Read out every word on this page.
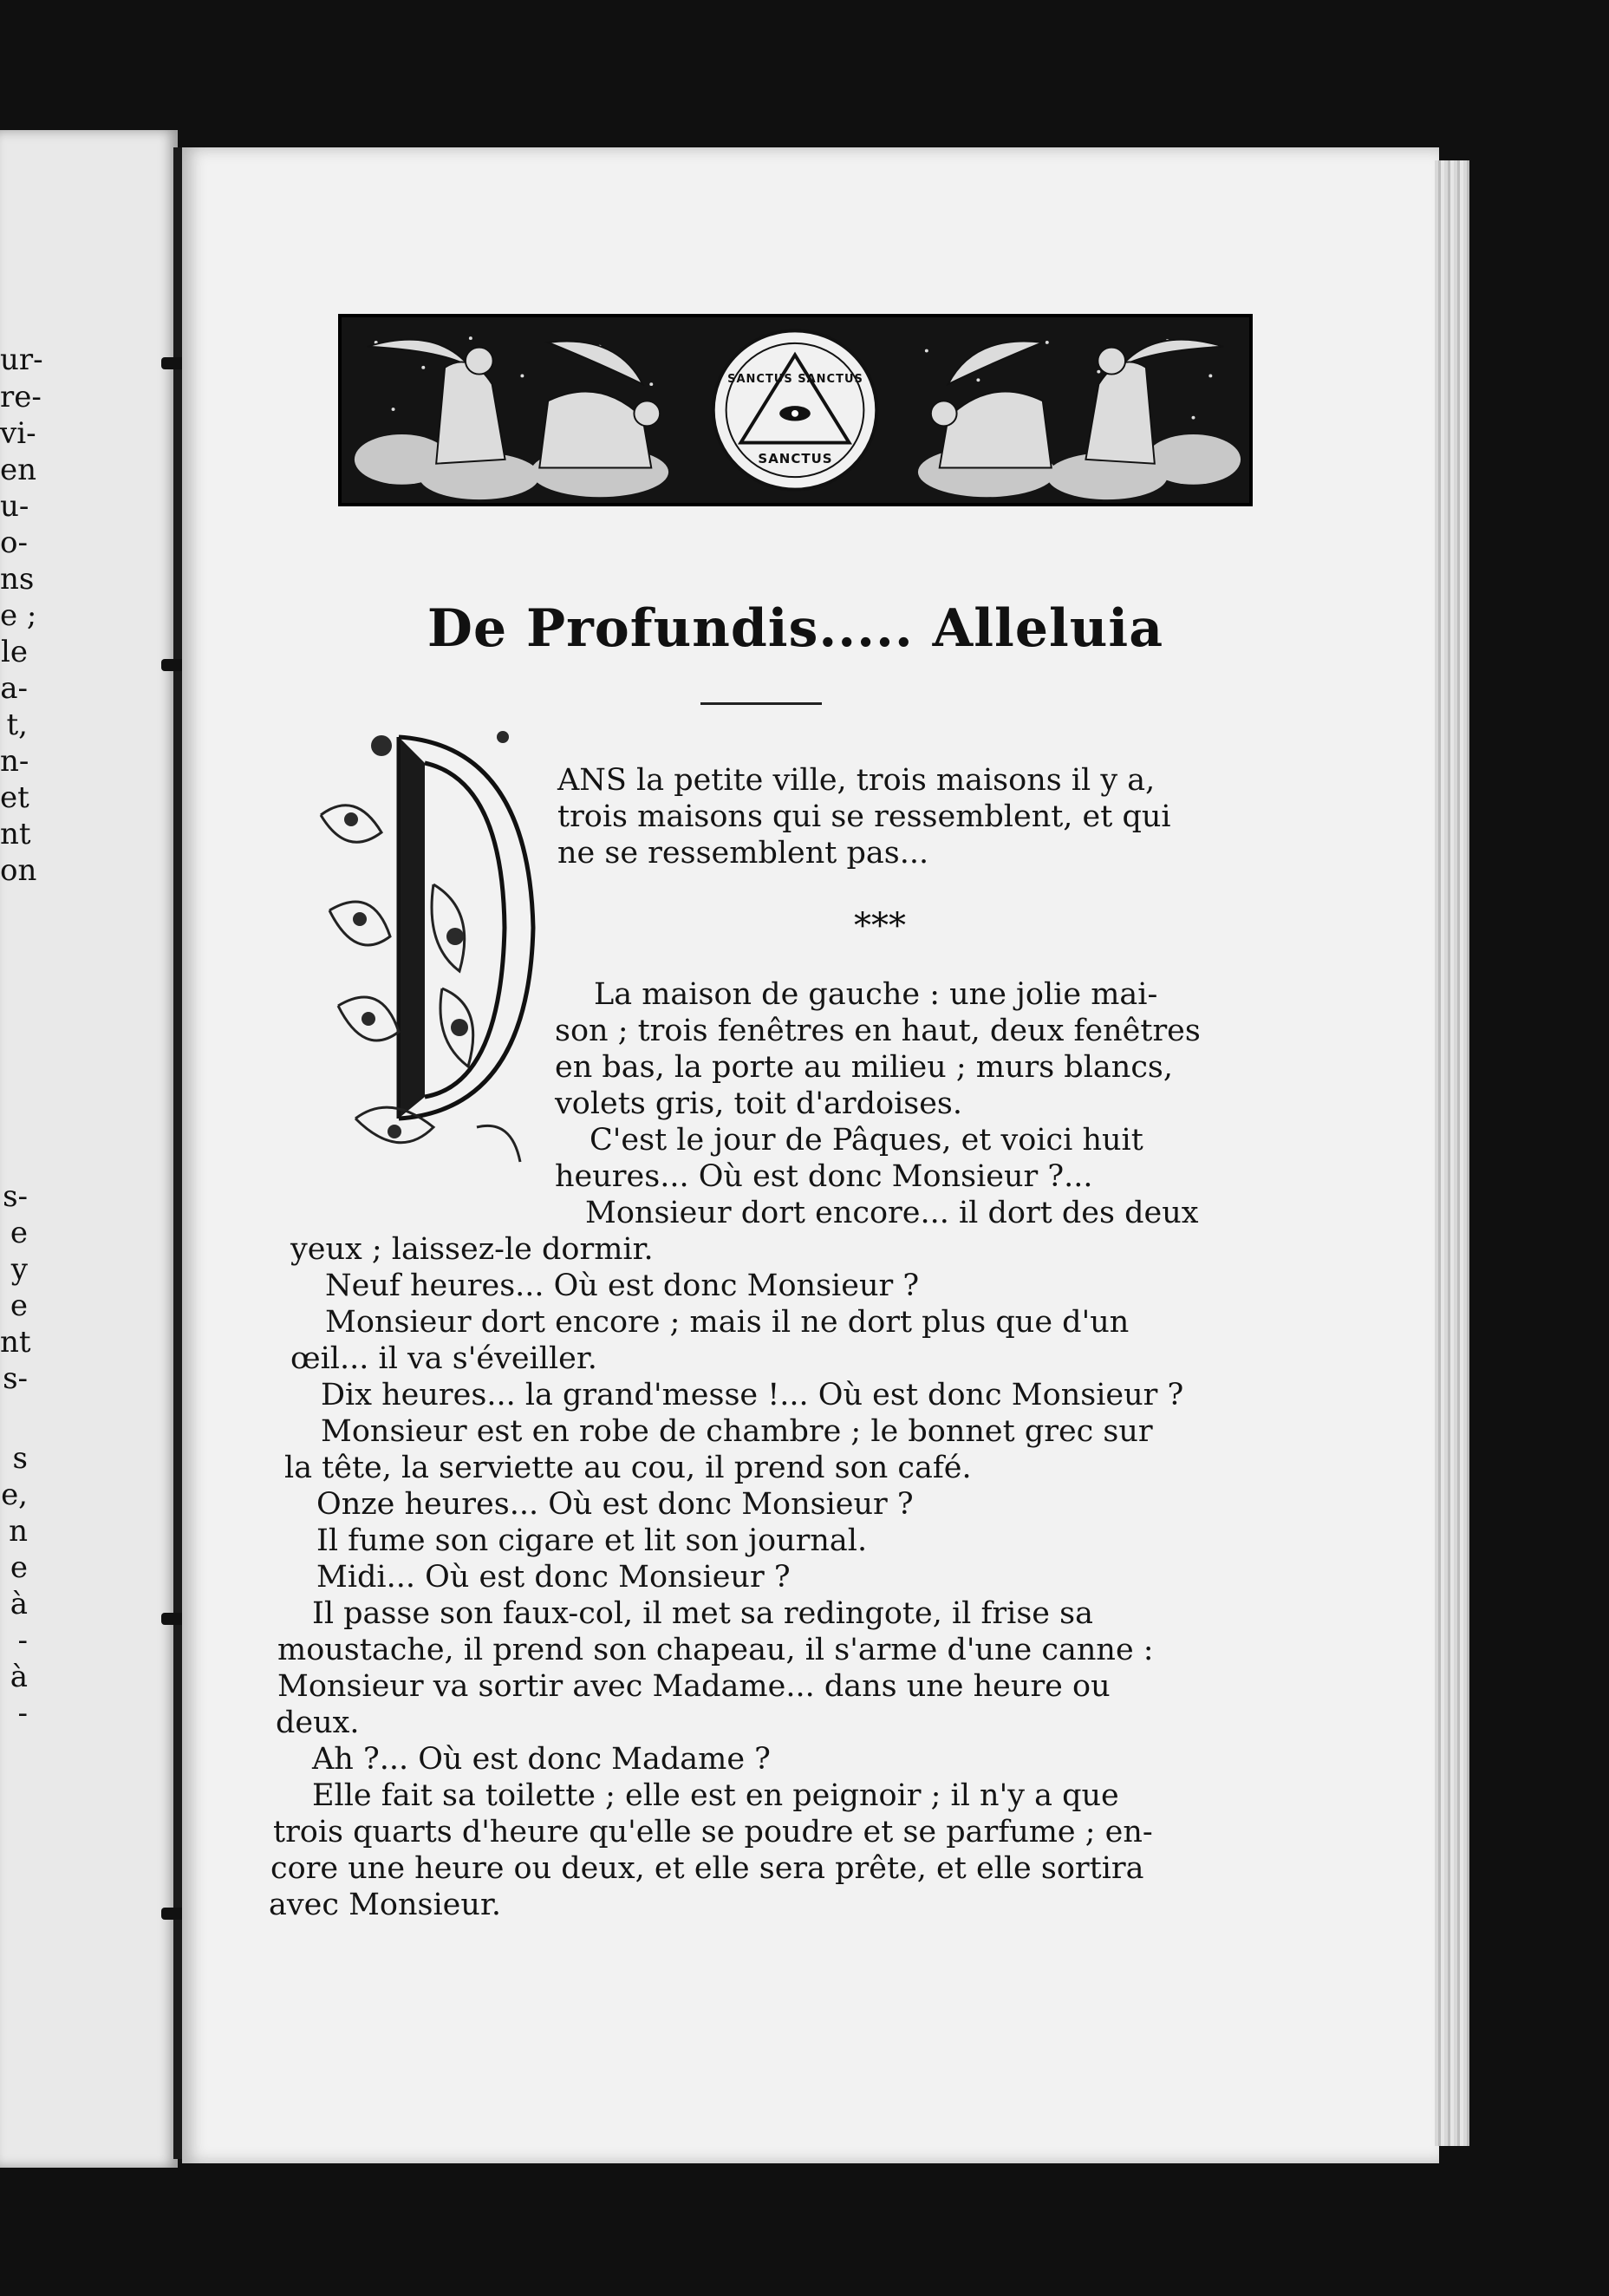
ur-
re-
vi-
en
u-
o-
ns
e ;
le
a-
t,
n-
et
nt
on
s-
e
y
e
nt
s-
s
e,
n
e
à
-
à
-
SANCTUS SANCTUS
SANCTUS
De Profundis..... Alleluia
ANS la petite ville, trois maisons il y a,
trois maisons qui se ressemblent, et qui
ne se ressemblent pas...
***
La maison de gauche : une jolie mai-
son ; trois fenêtres en haut, deux fenêtres
en bas, la porte au milieu ; murs blancs,
volets gris, toit d'ardoises.
C'est le jour de Pâques, et voici huit
heures... Où est donc Monsieur ?...
Monsieur dort encore... il dort des deux
yeux ; laissez-le dormir.
Neuf heures... Où est donc Monsieur ?
Monsieur dort encore ; mais il ne dort plus que d'un
œil... il va s'éveiller.
Dix heures... la grand'messe !... Où est donc Monsieur ?
Monsieur est en robe de chambre ; le bonnet grec sur
la tête, la serviette au cou, il prend son café.
Onze heures... Où est donc Monsieur ?
Il fume son cigare et lit son journal.
Midi... Où est donc Monsieur ?
Il passe son faux-col, il met sa redingote, il frise sa
moustache, il prend son chapeau, il s'arme d'une canne :
Monsieur va sortir avec Madame... dans une heure ou
deux.
Ah ?... Où est donc Madame ?
Elle fait sa toilette ; elle est en peignoir ; il n'y a que
trois quarts d'heure qu'elle se poudre et se parfume ; en-
core une heure ou deux, et elle sera prête, et elle sortira
avec Monsieur.
